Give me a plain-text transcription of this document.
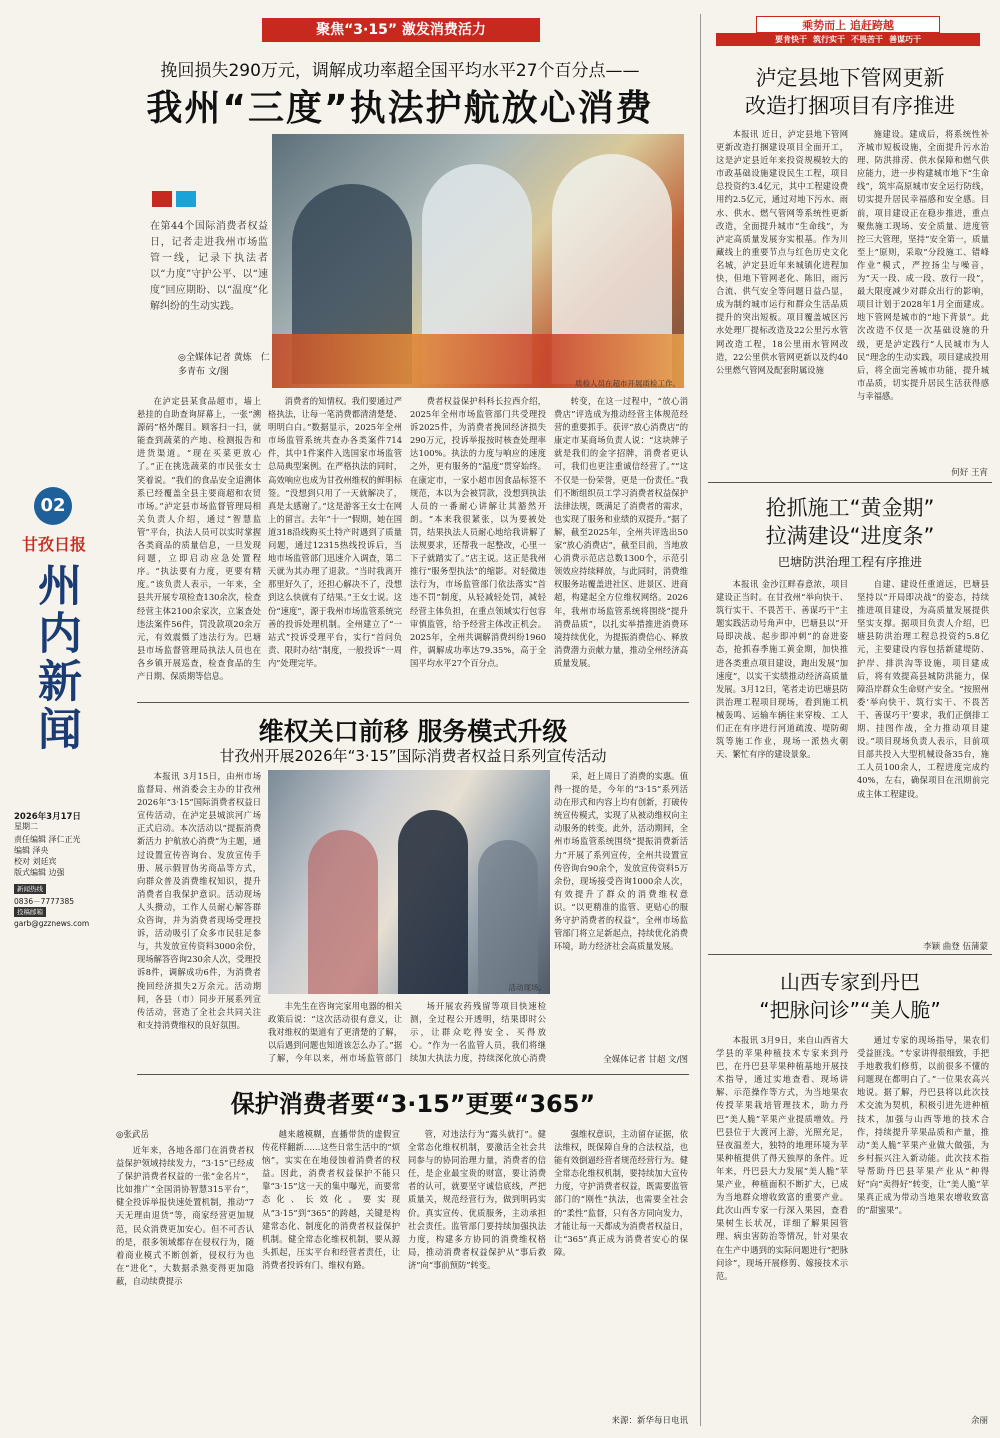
02
甘孜日报
州内新闻
2026年3月17日
星期二
责任编辑 泽仁正光
编辑 泽央
校对 刘廷宾
版式编辑 边强
新闻热线
0836－7777385
投稿邮箱
garb@gzznews.com
聚焦“3·15” 激发消费活力
挽回损失290万元，调解成功率超全国平均水平27个百分点——
我州“三度”执法护航放心消费
在第44个国际消费者权益日，记者走进我州市场监管一线，记录下执法者以“力度”守护公平、以“速度”回应期盼、以“温度”化解纠纷的生动实践。
◎全媒体记者 黄炼　仁多青布 文/图
质检人员在超市开展质检工作。

在泸定县某食品超市，墙上悬挂的自助查询屏幕上，一张“溯源码”格外醒目。顾客扫一扫，就能查到蔬菜的产地、检测报告和进货渠道。“现在买菜更放心了。”正在挑选蔬菜的市民张女士笑着说。“我们的食品安全追溯体系已经覆盖全县主要商超和农贸市场。”泸定县市场监督管理局相关负责人介绍，通过“智慧监管”平台，执法人员可以实时掌握各类商品的质量信息，一旦发现问题，立即启动应急处置程序。“执法要有力度，更要有精度。”该负责人表示，一年来，全县共开展专项检查130余次，检查经营主体2100余家次，立案查处违法案件56件，罚没款项20余万元，有效震慑了违法行为。巴塘县市场监督管理局执法人员也在各乡镇开展巡查，检查食品的生产日期、保质期等信息。

消费者的知情权。我们要通过严格执法，让每一笔消费都清清楚楚、明明白白。”数据显示，2025年全州市场监管系统共查办各类案件714件，其中1件案件入选国家市场监管总局典型案例。在严格执法的同时，高效响应也成为甘孜州维权的鲜明标签。“没想到只用了一天就解决了，真是太感谢了。”这是游客王女士在网上的留言。去年“十一”假期，她在国道318沿线购买土特产时遇到了质量问题，通过12315热线投诉后，当地市场监管部门迅速介入调查，第二天就为其办理了退款。“当时我离开那里好久了，还担心解决不了，没想到这么快就有了结果。”王女士说。这份“速度”，源于我州市场监管系统完善的投诉处理机制。全州建立了“一站式”投诉受理平台，实行“首问负责、限时办结”制度，一般投诉“一周内”处理完毕。

费者权益保护科科长拉西介绍，2025年全州市场监管部门共受理投诉2025件，为消费者挽回经济损失290万元，投诉举报按时核查处理率达100%。执法的力度与响应的速度之外，更有服务的“温度”贯穿始终。在康定市，一家小超市因食品标签不规范，本以为会被罚款，没想到执法人员的一番耐心讲解让其豁然开朗。“本来我很紧张，以为要被处罚，结果执法人员耐心地给我讲解了法规要求，还帮我一起整改，心里一下子就踏实了。”店主说。这正是我州推行“服务型执法”的缩影。对轻微违法行为，市场监管部门依法落实“首违不罚”制度，从轻减轻处罚，减轻经营主体负担，在重点领域实行包容审慎监管，给予经营主体改正机会。2025年，全州共调解消费纠纷1960件，调解成功率达79.35%，高于全国平均水平27个百分点。

转变，在这一过程中，“放心消费店”评选成为推动经营主体规范经营的重要抓手。获评“放心消费店”的康定市某商场负责人说：“这块牌子就是我们的金字招牌，消费者更认可，我们也更注重诚信经营了。”“这不仅是一份荣誉，更是一份责任。”我们不断组织员工学习消费者权益保护法律法规，既满足了消费者的需求，也实现了服务和业绩的双提升。”据了解，截至2025年，全州共评选出50家“放心消费店”，截至目前，当地放心消费示范店总数1300个，示范引领效应持续释放，与此同时，消费维权服务站覆盖进社区、进景区、进商超，构建起全方位维权网络。2026年，我州市场监管系统将围绕“提升消费品质”，以扎实举措推进消费环境持续优化，为提振消费信心、释放消费潜力贡献力量，推动全州经济高质量发展。

维权关口前移 服务模式升级
甘孜州开展2026年“3·15”国际消费者权益日系列宣传活动

本报讯 3月15日，由州市场监督局、州消委会主办的甘孜州2026年“3·15”国际消费者权益日宣传活动，在泸定县城滨河广场正式启动。本次活动以“提振消费新活力 护航放心消费”为主题，通过设置宣传咨询台、发放宣传手册、展示假冒伪劣商品等方式，向群众普及消费维权知识，提升消费者自我保护意识。活动现场人头攒动，工作人员耐心解答群众咨询，并为消费者现场受理投诉，活动吸引了众多市民驻足参与，共发放宣传资料3000余份，现场解答咨询230余人次，受理投诉8件，调解成功6件，为消费者挽回经济损失2万余元。活动期间，各县（市）同步开展系列宣传活动，营造了全社会共同关注和支持消费维权的良好氛围。

活动现场。

采，赶上周日了消费的实惠。值得一提的是，今年的“3·15”系列活动在形式和内容上均有创新，打破传统宣传模式，实现了从被动维权向主动服务的转变。此外，活动期间，全州市场监管系统围绕“提振消费新活力”开展了系列宣传，全州共设置宣传咨询台90余个，发放宣传资料5万余份，现场接受咨询1000余人次，有效提升了群众的消费维权意识。“以更精准的监管、更贴心的服务守护消费者的权益”，全州市场监管部门将立足新起点，持续优化消费环境，助力经济社会高质量发展。

丰先生在咨询完家用电器的相关政策后说：“这次活动很有意义，让我对维权的渠道有了更清楚的了解，以后遇到问题也知道该怎么办了。”据了解，今年以来，州市场监管部门

场开展农药残留等项目快速检测，全过程公开透明，结果即时公示，让群众吃得安全、买得放心。“作为一名监管人员，我们将继续加大执法力度，持续深化放心消费	全媒体记者 甘超 文/图
保护消费者要“3·15”更要“365”
◎张武岳

近年来，各地各部门在消费者权益保护领域持续发力，“3·15”已经成了保护消费者权益的一张“金名片”，比如推广“全国消协智慧315平台”，健全投诉举报快速处置机制，推动“7天无理由退货”等，商家经营更加规范，民众消费更加安心。但不可否认的是，很多领域都存在侵权行为，随着商业模式不断创新，侵权行为也在“进化”，大数据杀熟变得更加隐蔽，自动续费提示

越来越模糊，直播带货的虚假宣传花样翻新……这些日常生活中的“烦恼”，实实在在地侵蚀着消费者的权益。因此，消费者权益保护不能只靠“3·15”这一天的集中曝光，而要常态化、长效化。要实现从“3·15”到“365”的跨越，关键是构建常态化、制度化的消费者权益保护机制。健全常态化维权机制，要从源头抓起，压实平台和经营者责任，让消费者投诉有门、维权有路。

管，对违法行为“露头就打”。健全常态化维权机制，要激活全社会共同参与的协同治理力量，消费者的信任，是企业最宝贵的财富，要让消费者的认可，就要坚守诚信底线，严把质量关，规范经营行为，做到明码实价。真实宣传、优质服务，主动承担社会责任。监管部门要持续加强执法力度，构建多方协同的消费维权格局，推动消费者权益保护从“事后救济”向“事前预防”转变。

强维权意识，主动留存证据，依法维权，既保障自身的合法权益，也能有效倒逼经营者规范经营行为。健全常态化维权机制，要持续加大宣传力度，守护消费者权益，既需要监管部门的“刚性”执法，也需要全社会的“柔性”监督，只有各方同向发力，才能让每一天都成为消费者权益日，让“365”真正成为消费者安心的保障。

来源：新华每日电讯
乘势而上 追赶跨越
要肯快干 筑行实干 不畏苦干 善谋巧干
泸定县地下管网更新
改造打捆项目有序推进

本报讯 近日，泸定县地下管网更新改造打捆建设项目全面开工，这是泸定县近年来投资规模较大的市政基础设施建设民生工程，项目总投资约3.4亿元，其中工程建设费用约2.5亿元，通过对地下污水、雨水、供水、燃气管网等系统性更新改造，全面提升城市“生命线”，为泸定高质量发展夯实根基。作为川藏线上的重要节点与红色历史文化名城，泸定县近年来城镇化进程加快，但地下管网老化、陈旧，雨污合流、供气安全等问题日益凸显，成为制约城市运行和群众生活品质提升的突出短板。项目覆盖城区污水处理厂提标改造及22公里污水管网改造工程，18公里雨水管网改造，22公里供水管网更新以及约40公里燃气管网及配套附属设施

施建设。建成后，将系统性补齐城市短板设施，全面提升污水治理、防洪排涝、供水保障和燃气供应能力，进一步构建城市地下“生命线”，筑牢高原城市安全运行防线，切实提升居民幸福感和安全感。目前，项目建设正在稳步推进，重点聚焦施工现场、安全质量、进度管控三大管理，坚持“安全第一，质量至上”原则，采取“分段施工、错峰作业”模式，严控扬尘与噪音，为“天一段、成一段、放行一段”，最大限度减少对群众出行的影响，项目计划于2028年1月全面建成。地下管网是城市的“地下背景”。此次改造不仅是一次基础设施的升级，更是泸定践行“人民城市为人民”理念的生动实践，项目建成投用后，将全面完善城市功能，提升城市品质，切实提升居民生活获得感与幸福感。

何好 王宵
抢抓施工“黄金期”
拉满建设“进度条”
巴塘防洪治理工程有序推进

本报讯 金沙江畔春意浓，项目建设正当时。在甘孜州“举向快干、筑行实干、不畏苦干、善谋巧干”主题实践活动号角声中，巴塘县以“开局即决战、起步即冲刺”的奋进姿态，抢抓春季施工黄金期，加快推进各类重点项目建设，跑出发展“加速度”，以实干实绩推动经济高质量发展。3月12日，笔者走访巴塘县防洪治理工程项目现场，看到施工机械轰鸣、运输车辆往来穿梭、工人们正在有序进行河道疏浚、堤防砌筑等施工作业，现场一派热火朝天、繁忙有序的建设景象。

自建、建设任重道远，巴塘县坚持以“开局即决战”的姿态，持续推进项目建设，为高质量发展提供坚实支撑。据项目负责人介绍，巴塘县防洪治理工程总投资约5.8亿元，主要建设内容包括新建堤防、护岸、排洪沟等设施，项目建成后，将有效提高县城防洪能力，保障沿岸群众生命财产安全。“按照州委‘举向快干、筑行实干、不畏苦干、善谋巧干’要求，我们正倒排工期、挂图作战，全力推动项目建设。”项目现场负责人表示，目前项目部共投入大型机械设备35台，施工人员100余人，工程进度完成约40%，左右，确保项目在汛期前完成主体工程建设。

李颖 曲登 伍蒲蒙
山西专家到丹巴
“把脉问诊”“美人脆”

本报讯 3月9日，来自山西省大学县的苹果种植技术专家来到丹巴，在丹巴县苹果种植基地开展技术指导，通过实地查看、现场讲解、示范操作等方式，为当地果农传授苹果栽培管理技术，助力丹巴“美人脆”苹果产业提质增效。丹巴县位于大渡河上游，光照充足，昼夜温差大，独特的地理环境为苹果种植提供了得天独厚的条件。近年来，丹巴县大力发展“美人脆”苹果产业，种植面积不断扩大，已成为当地群众增收致富的重要产业。此次山西专家一行深入果园，查看果树生长状况，详细了解果园管理、病虫害防治等情况，针对果农在生产中遇到的实际问题进行“把脉问诊”，现场开展修剪、嫁接技术示范。

通过专家的现场指导，果农们受益匪浅。“专家讲得很细致，手把手地教我们修剪，以前很多不懂的问题现在都明白了。”一位果农高兴地说。据了解，丹巴县将以此次技术交流为契机，积极引进先进种植技术，加强与山西等地的技术合作，持续提升苹果品质和产量，推动“美人脆”苹果产业做大做强，为乡村振兴注入新动能。此次技术指导帮助丹巴县苹果产业从“种得好”向“卖得好”转变，让“美人脆”苹果真正成为带动当地果农增收致富的“甜蜜果”。

余丽
